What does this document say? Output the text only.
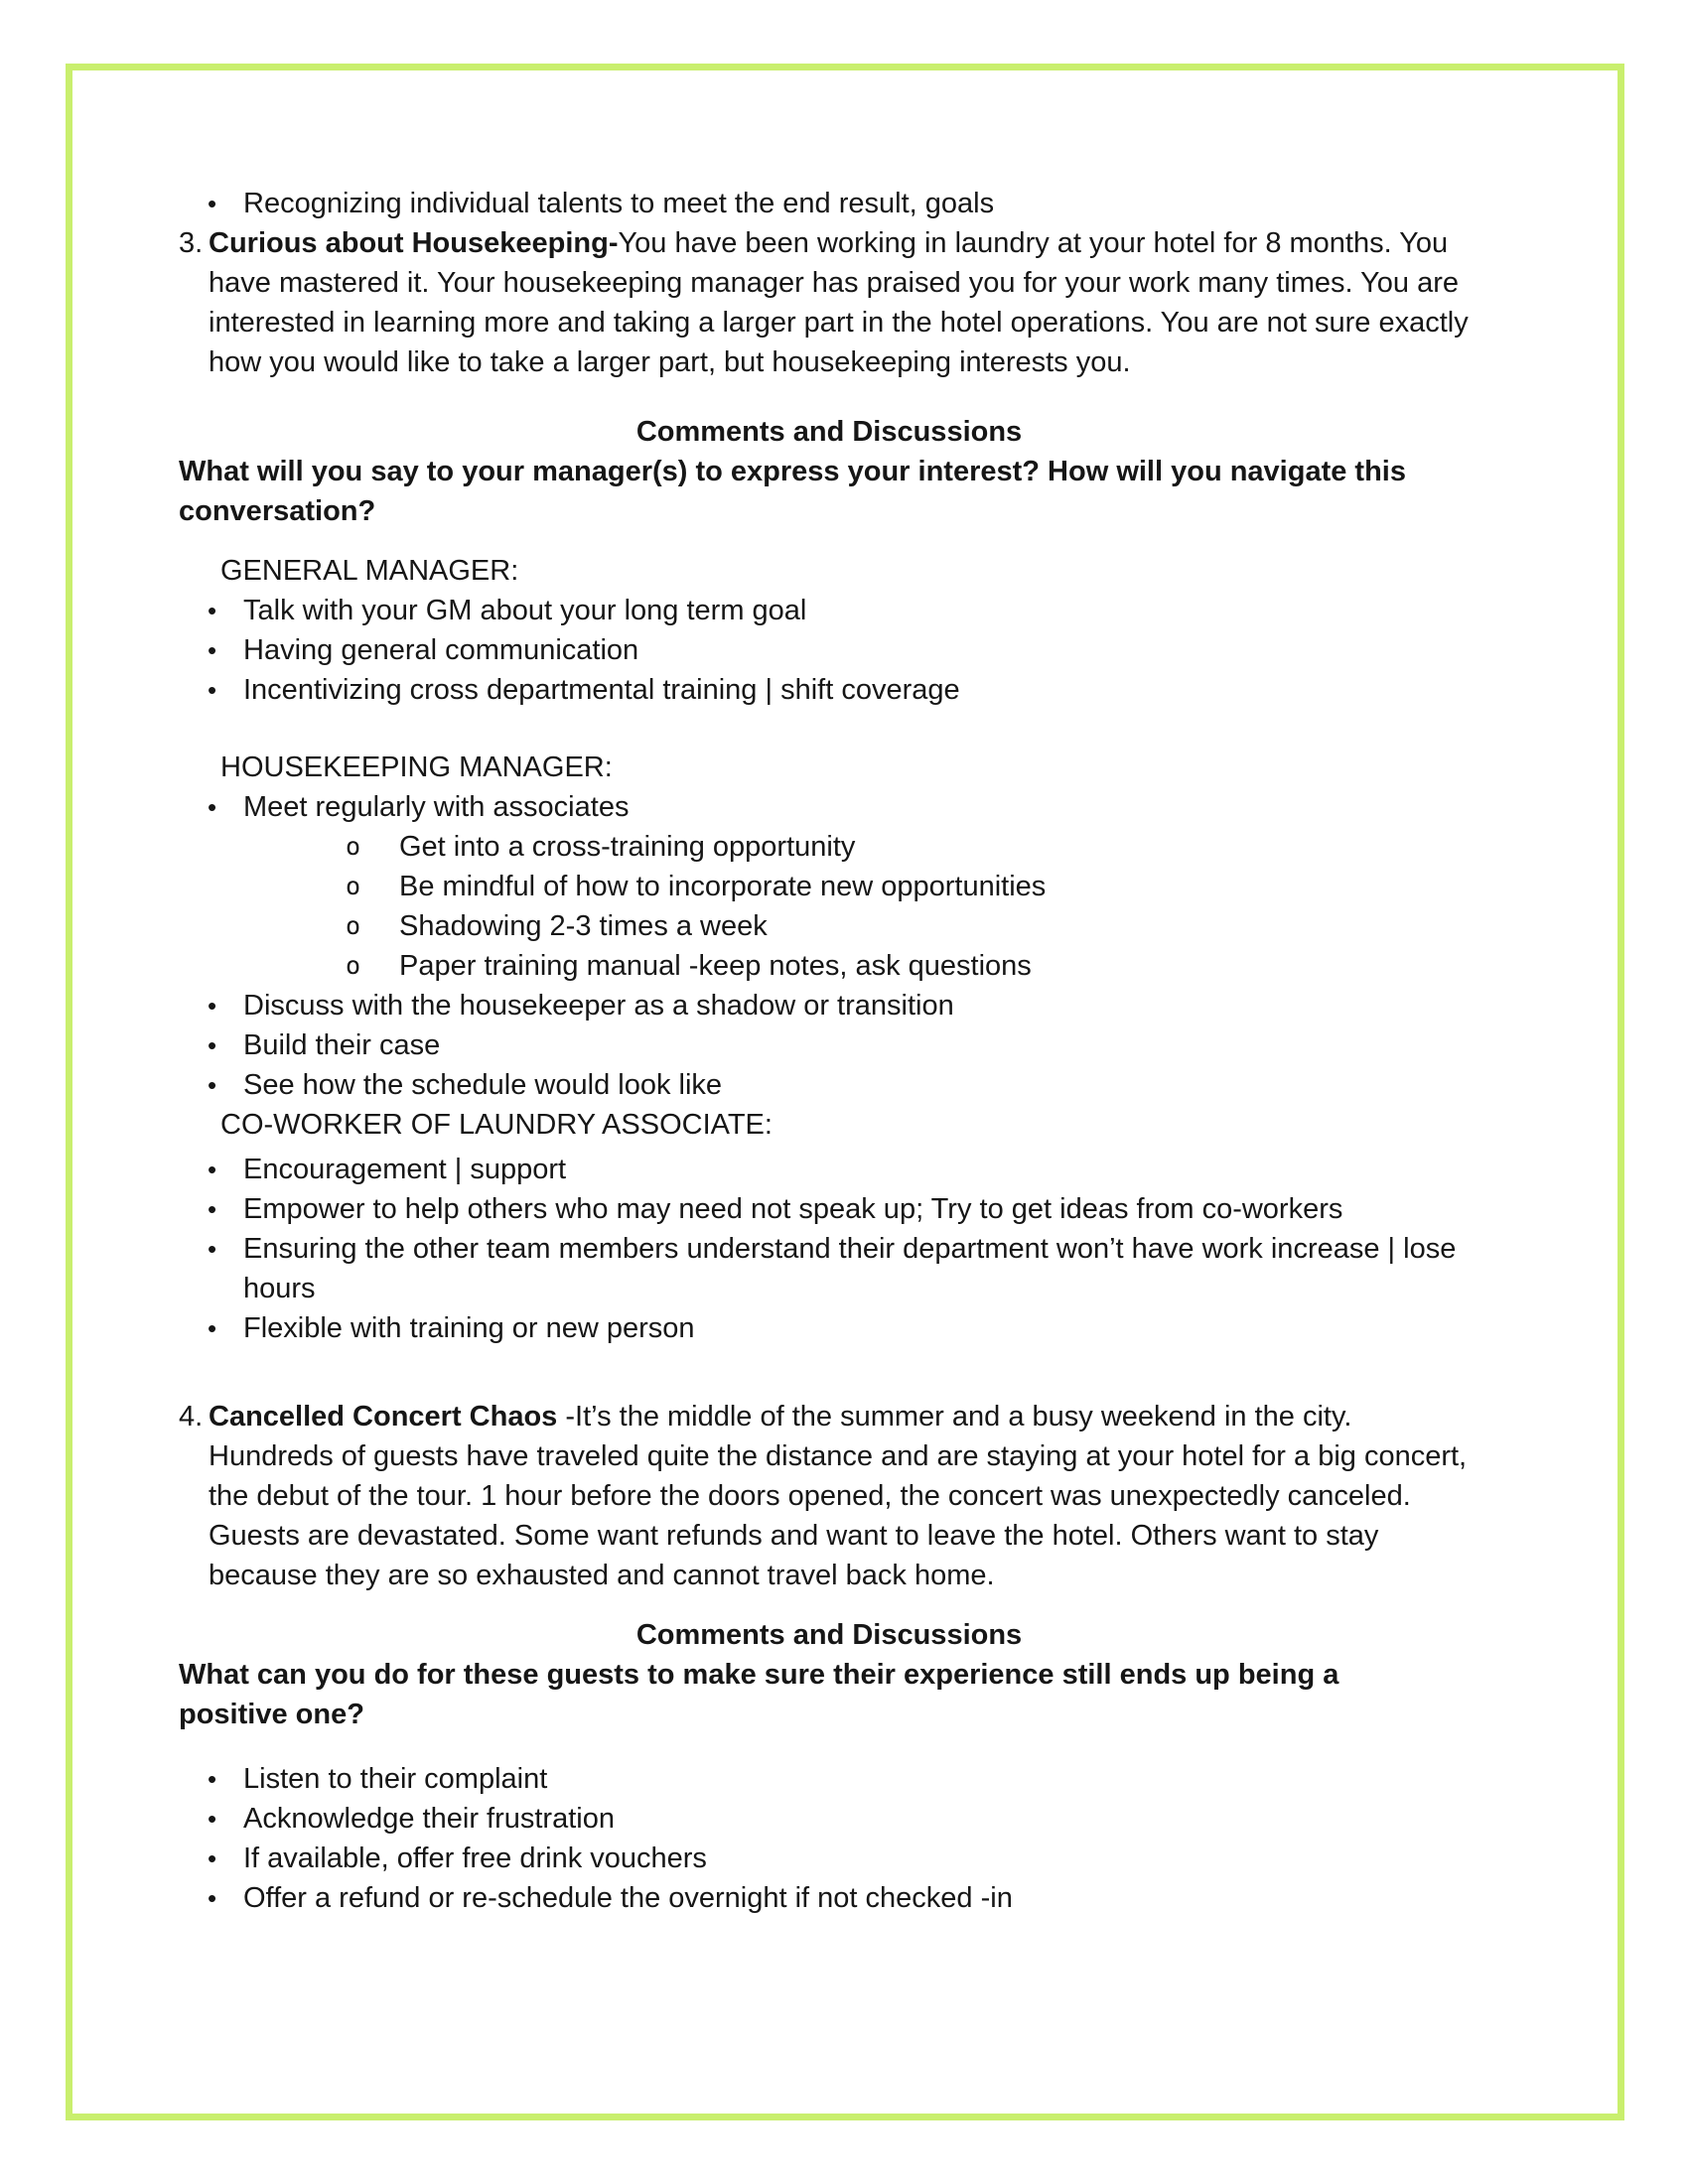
• Recognizing individual talents to meet the end result, goals
3. Curious about Housekeeping-You have been working in laundry at your hotel for 8 months. You have mastered it. Your housekeeping manager has praised you for your work many times. You are interested in learning more and taking a larger part in the hotel operations. You are not sure exactly how you would like to take a larger part, but housekeeping interests you.
Comments and Discussions
What will you say to your manager(s) to express your interest? How will you navigate this conversation?
GENERAL MANAGER:
• Talk with your GM about your long term goal
• Having general communication
• Incentivizing cross departmental training | shift coverage
HOUSEKEEPING MANAGER:
• Meet regularly with associates
o	Get into a cross-training opportunity
o	Be mindful of how to incorporate new opportunities
o	Shadowing 2-3 times a week
o	Paper training manual -keep notes, ask questions
• Discuss with the housekeeper as a shadow or transition
• Build their case
• See how the schedule would look like
CO-WORKER OF LAUNDRY ASSOCIATE:
• Encouragement | support
• Empower to help others who may need not speak up; Try to get ideas from co-workers
• Ensuring the other team members understand their department won’t have work increase | lose hours
• Flexible with training or new person
4. Cancelled Concert Chaos -It’s the middle of the summer and a busy weekend in the city. Hundreds of guests have traveled quite the distance and are staying at your hotel for a big concert, the debut of the tour. 1 hour before the doors opened, the concert was unexpectedly canceled. Guests are devastated. Some want refunds and want to leave the hotel. Others want to stay because they are so exhausted and cannot travel back home.
Comments and Discussions
What can you do for these guests to make sure their experience still ends up being a positive one?
• Listen to their complaint
• Acknowledge their frustration
• If available, offer free drink vouchers
• Offer a refund or re-schedule the overnight if not checked -in
